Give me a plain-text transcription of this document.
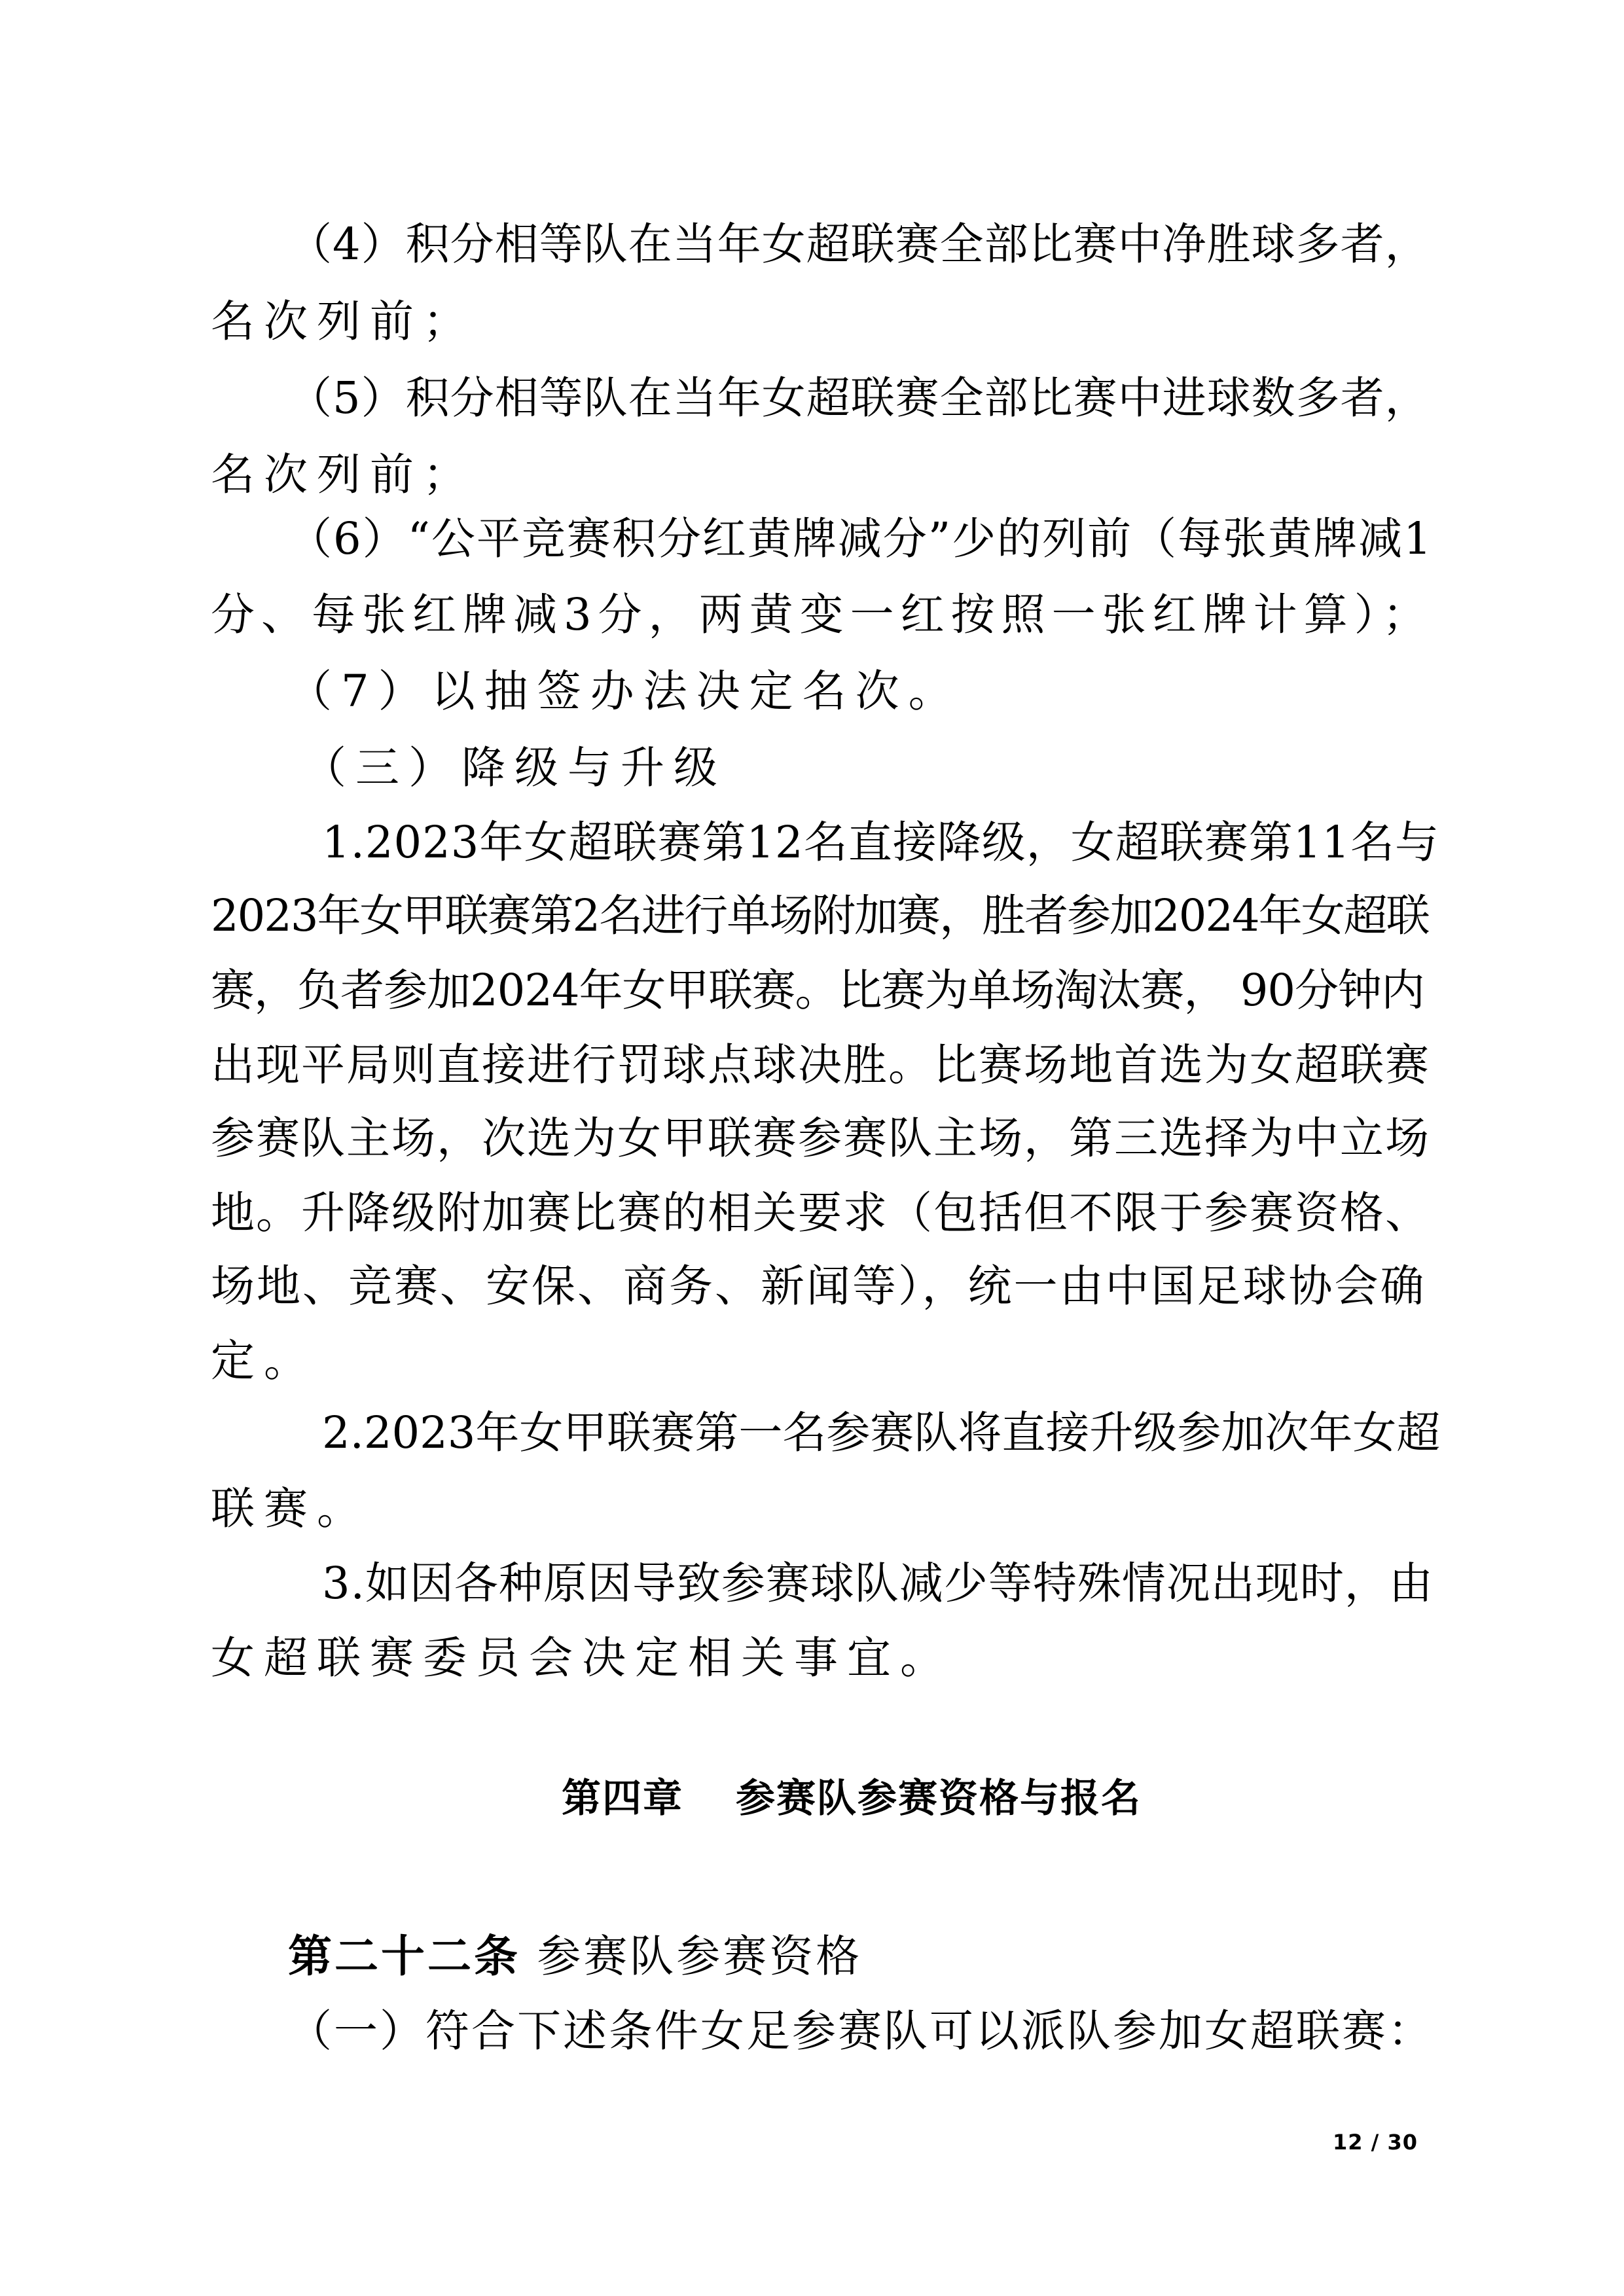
（4）积分相等队在当年女超联赛全部比赛中净胜球多者，
名次列前；
（5）积分相等队在当年女超联赛全部比赛中进球数多者，
名次列前；
（6）“公平竞赛积分红黄牌减分”少的列前（每张黄牌减1
分、每张红牌减3分，两黄变一红按照一张红牌计算）；
（7）以抽签办法决定名次。
（三）降级与升级
1.2023年女超联赛第12名直接降级，女超联赛第11名与
2023年女甲联赛第2名进行单场附加赛，胜者参加2024年女超联
赛，负者参加2024年女甲联赛。比赛为单场淘汰赛， 90分钟内
出现平局则直接进行罚球点球决胜。比赛场地首选为女超联赛
参赛队主场，次选为女甲联赛参赛队主场，第三选择为中立场
地。升降级附加赛比赛的相关要求（包括但不限于参赛资格、
场地、竞赛、安保、商务、新闻等），统一由中国足球协会确
定。
2.2023年女甲联赛第一名参赛队将直接升级参加次年女超
联赛。
3.如因各种原因导致参赛球队减少等特殊情况出现时，由
女超联赛委员会决定相关事宜。
第四章 参赛队参赛资格与报名
第二十二条 参赛队参赛资格
（一）符合下述条件女足参赛队可以派队参加女超联赛：
12 / 30
